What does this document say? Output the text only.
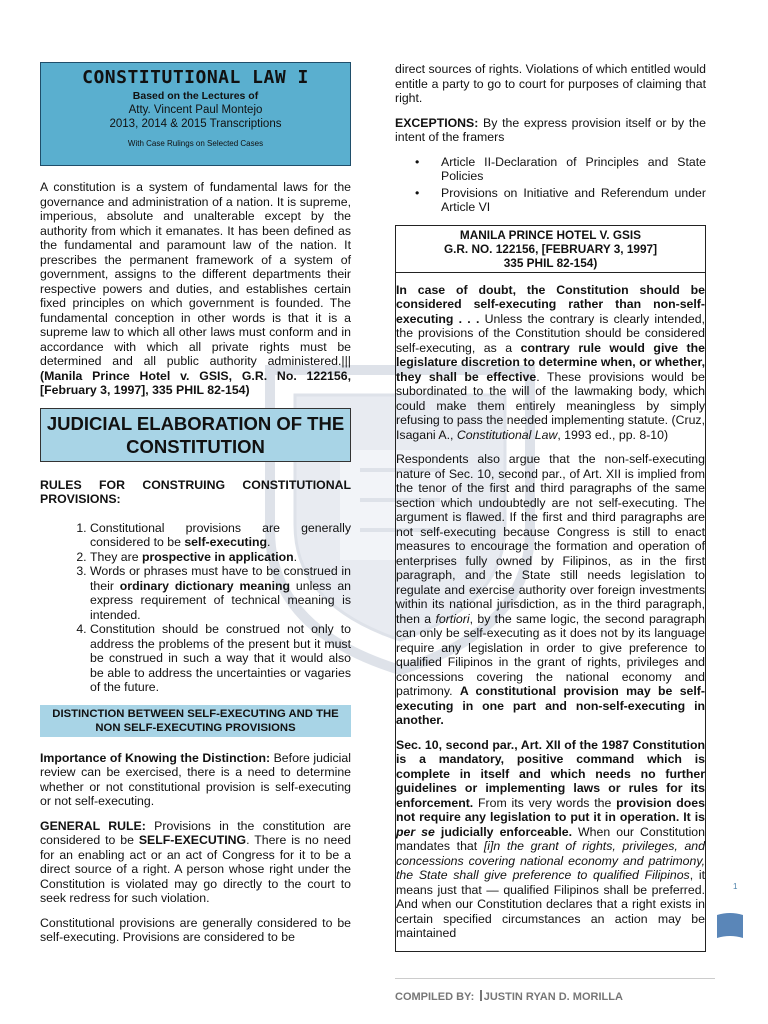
CONSTITUTIONAL LAW I
Based on the Lectures of
Atty. Vincent Paul Montejo
2013, 2014 & 2015 Transcriptions
With Case Rulings on Selected Cases

A constitution is a system of fundamental laws for the governance and administration of a nation. It is supreme, imperious, absolute and unalterable except by the authority from which it emanates. It has been defined as the fundamental and paramount law of the nation. It prescribes the permanent framework of a system of government, assigns to the different departments their respective powers and duties, and establishes certain fixed principles on which government is founded. The fundamental conception in other words is that it is a supreme law to which all other laws must conform and in accordance with which all private rights must be determined and all public authority administered.||| (Manila Prince Hotel v. GSIS, G.R. No. 122156, [February 3, 1997], 335 PHIL 82-154)

JUDICIAL ELABORATION OF THE CONSTITUTION

RULES FOR CONSTRUING CONSTITUTIONAL PROVISIONS:

1. Constitutional provisions are generally considered to be self-executing.
2. They are prospective in application.
3. Words or phrases must have to be construed in their ordinary dictionary meaning unless an express requirement of technical meaning is intended.
4. Constitution should be construed not only to address the problems of the present but it must be construed in such a way that it would also be able to address the uncertainties or vagaries of the future.
DISTINCTION BETWEEN SELF-EXECUTING AND THE NON SELF-EXECUTING PROVISIONS

Importance of Knowing the Distinction: Before judicial review can be exercised, there is a need to determine whether or not constitutional provision is self-executing or not self-executing.

GENERAL RULE: Provisions in the constitution are considered to be SELF-EXECUTING. There is no need for an enabling act or an act of Congress for it to be a direct source of a right. A person whose right under the Constitution is violated may go directly to the court to seek redress for such violation.

Constitutional provisions are generally considered to be self-executing. Provisions are considered to be

direct sources of rights. Violations of which entitled would entitle a party to go to court for purposes of claiming that right.

EXCEPTIONS: By the express provision itself or by the intent of the framers

• Article II-Declaration of Principles and State Policies
• Provisions on Initiative and Referendum under Article VI
MANILA PRINCE HOTEL V. GSIS
G.R. NO. 122156, [FEBRUARY 3, 1997]
335 PHIL 82-154)

In case of doubt, the Constitution should be considered self-executing rather than non-self-executing . . . Unless the contrary is clearly intended, the provisions of the Constitution should be considered self-executing, as a contrary rule would give the legislature discretion to determine when, or whether, they shall be effective. These provisions would be subordinated to the will of the lawmaking body, which could make them entirely meaningless by simply refusing to pass the needed implementing statute. (Cruz, Isagani A., Constitutional Law, 1993 ed., pp. 8-10)

Respondents also argue that the non-self-executing nature of Sec. 10, second par., of Art. XII is implied from the tenor of the first and third paragraphs of the same section which undoubtedly are not self-executing. The argument is flawed. If the first and third paragraphs are not self-executing because Congress is still to enact measures to encourage the formation and operation of enterprises fully owned by Filipinos, as in the first paragraph, and the State still needs legislation to regulate and exercise authority over foreign investments within its national jurisdiction, as in the third paragraph, then a fortiori, by the same logic, the second paragraph can only be self-executing as it does not by its language require any legislation in order to give preference to qualified Filipinos in the grant of rights, privileges and concessions covering the national economy and patrimony. A constitutional provision may be self-executing in one part and non-self-executing in another.

Sec. 10, second par., Art. XII of the 1987 Constitution is a mandatory, positive command which is complete in itself and which needs no further guidelines or implementing laws or rules for its enforcement. From its very words the provision does not require any legislation to put it in operation. It is per se judicially enforceable. When our Constitution mandates that [i]n the grant of rights, privileges, and concessions covering national economy and patrimony, the State shall give preference to qualified Filipinos, it means just that — qualified Filipinos shall be preferred. And when our Constitution declares that a right exists in certain specified circumstances an action may be maintained

1
COMPILED BY: JUSTIN RYAN D. MORILLA
